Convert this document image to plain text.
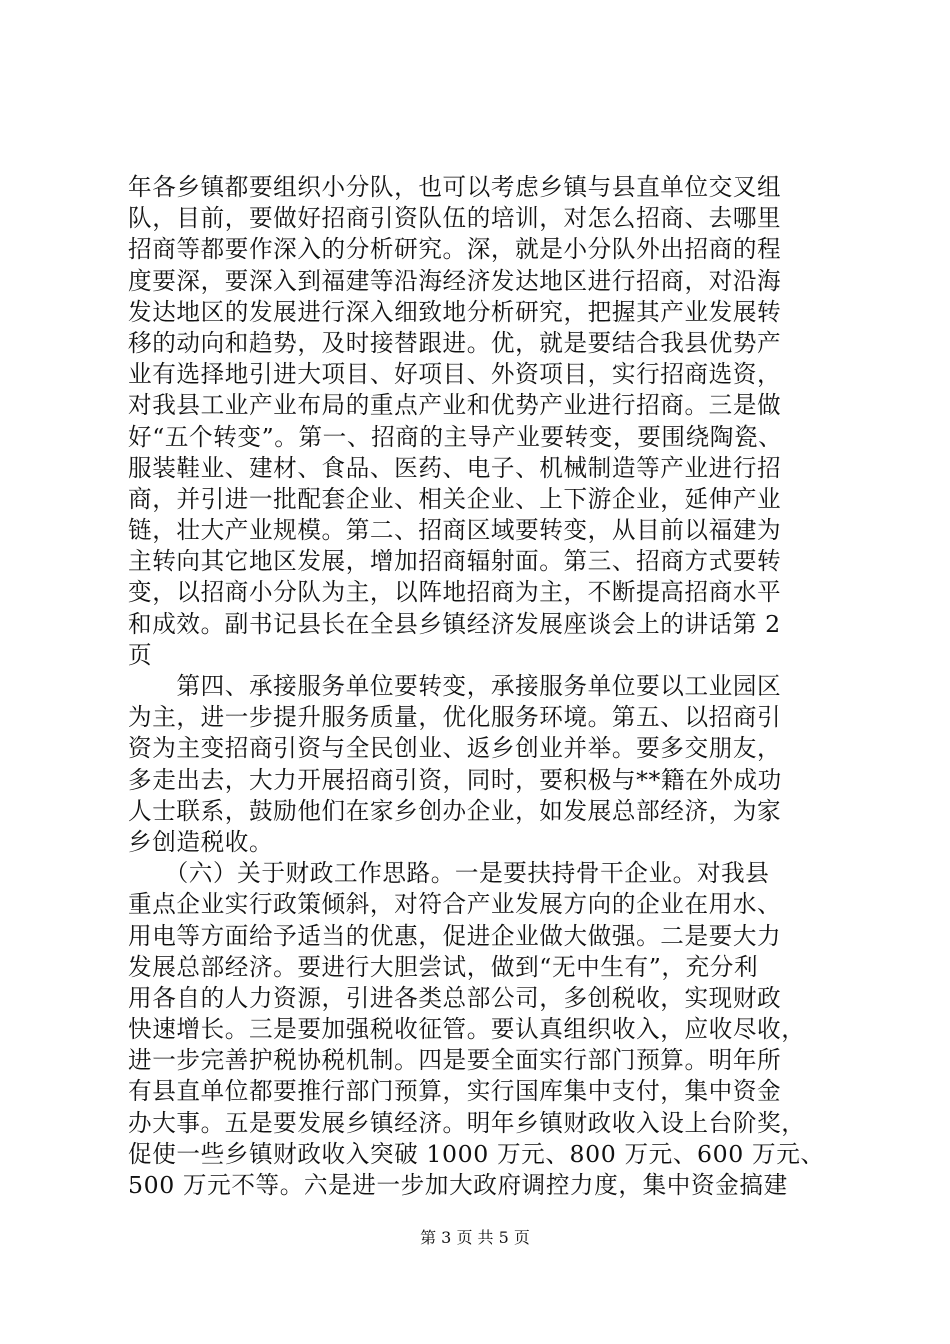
年各乡镇都要组织小分队，也可以考虑乡镇与县直单位交叉组
队，目前，要做好招商引资队伍的培训，对怎么招商、去哪里
招商等都要作深入的分析研究。深，就是小分队外出招商的程
度要深，要深入到福建等沿海经济发达地区进行招商，对沿海
发达地区的发展进行深入细致地分析研究，把握其产业发展转
移的动向和趋势，及时接替跟进。优，就是要结合我县优势产
业有选择地引进大项目、好项目、外资项目，实行招商选资，
对我县工业产业布局的重点产业和优势产业进行招商。三是做
好“五个转变”。第一、招商的主导产业要转变，要围绕陶瓷、
服装鞋业、建材、食品、医药、电子、机械制造等产业进行招
商，并引进一批配套企业、相关企业、上下游企业，延伸产业
链，壮大产业规模。第二、招商区域要转变，从目前以福建为
主转向其它地区发展，增加招商辐射面。第三、招商方式要转
变，以招商小分队为主，以阵地招商为主，不断提高招商水平
和成效。副书记县长在全县乡镇经济发展座谈会上的讲话第 2
页
　　第四、承接服务单位要转变，承接服务单位要以工业园区
为主，进一步提升服务质量，优化服务环境。第五、以招商引
资为主变招商引资与全民创业、返乡创业并举。要多交朋友，
多走出去，大力开展招商引资，同时，要积极与**籍在外成功
人士联系，鼓励他们在家乡创办企业，如发展总部经济，为家
乡创造税收。
　　（六）关于财政工作思路。一是要扶持骨干企业。对我县
重点企业实行政策倾斜，对符合产业发展方向的企业在用水、
用电等方面给予适当的优惠，促进企业做大做强。二是要大力
发展总部经济。要进行大胆尝试，做到“无中生有”，充分利
用各自的人力资源，引进各类总部公司，多创税收，实现财政
快速增长。三是要加强税收征管。要认真组织收入，应收尽收，
进一步完善护税协税机制。四是要全面实行部门预算。明年所
有县直单位都要推行部门预算，实行国库集中支付，集中资金
办大事。五是要发展乡镇经济。明年乡镇财政收入设上台阶奖，
促使一些乡镇财政收入突破 1000 万元、800 万元、600 万元、
500 万元不等。六是进一步加大政府调控力度，集中资金搞建
第 3 页 共 5 页
